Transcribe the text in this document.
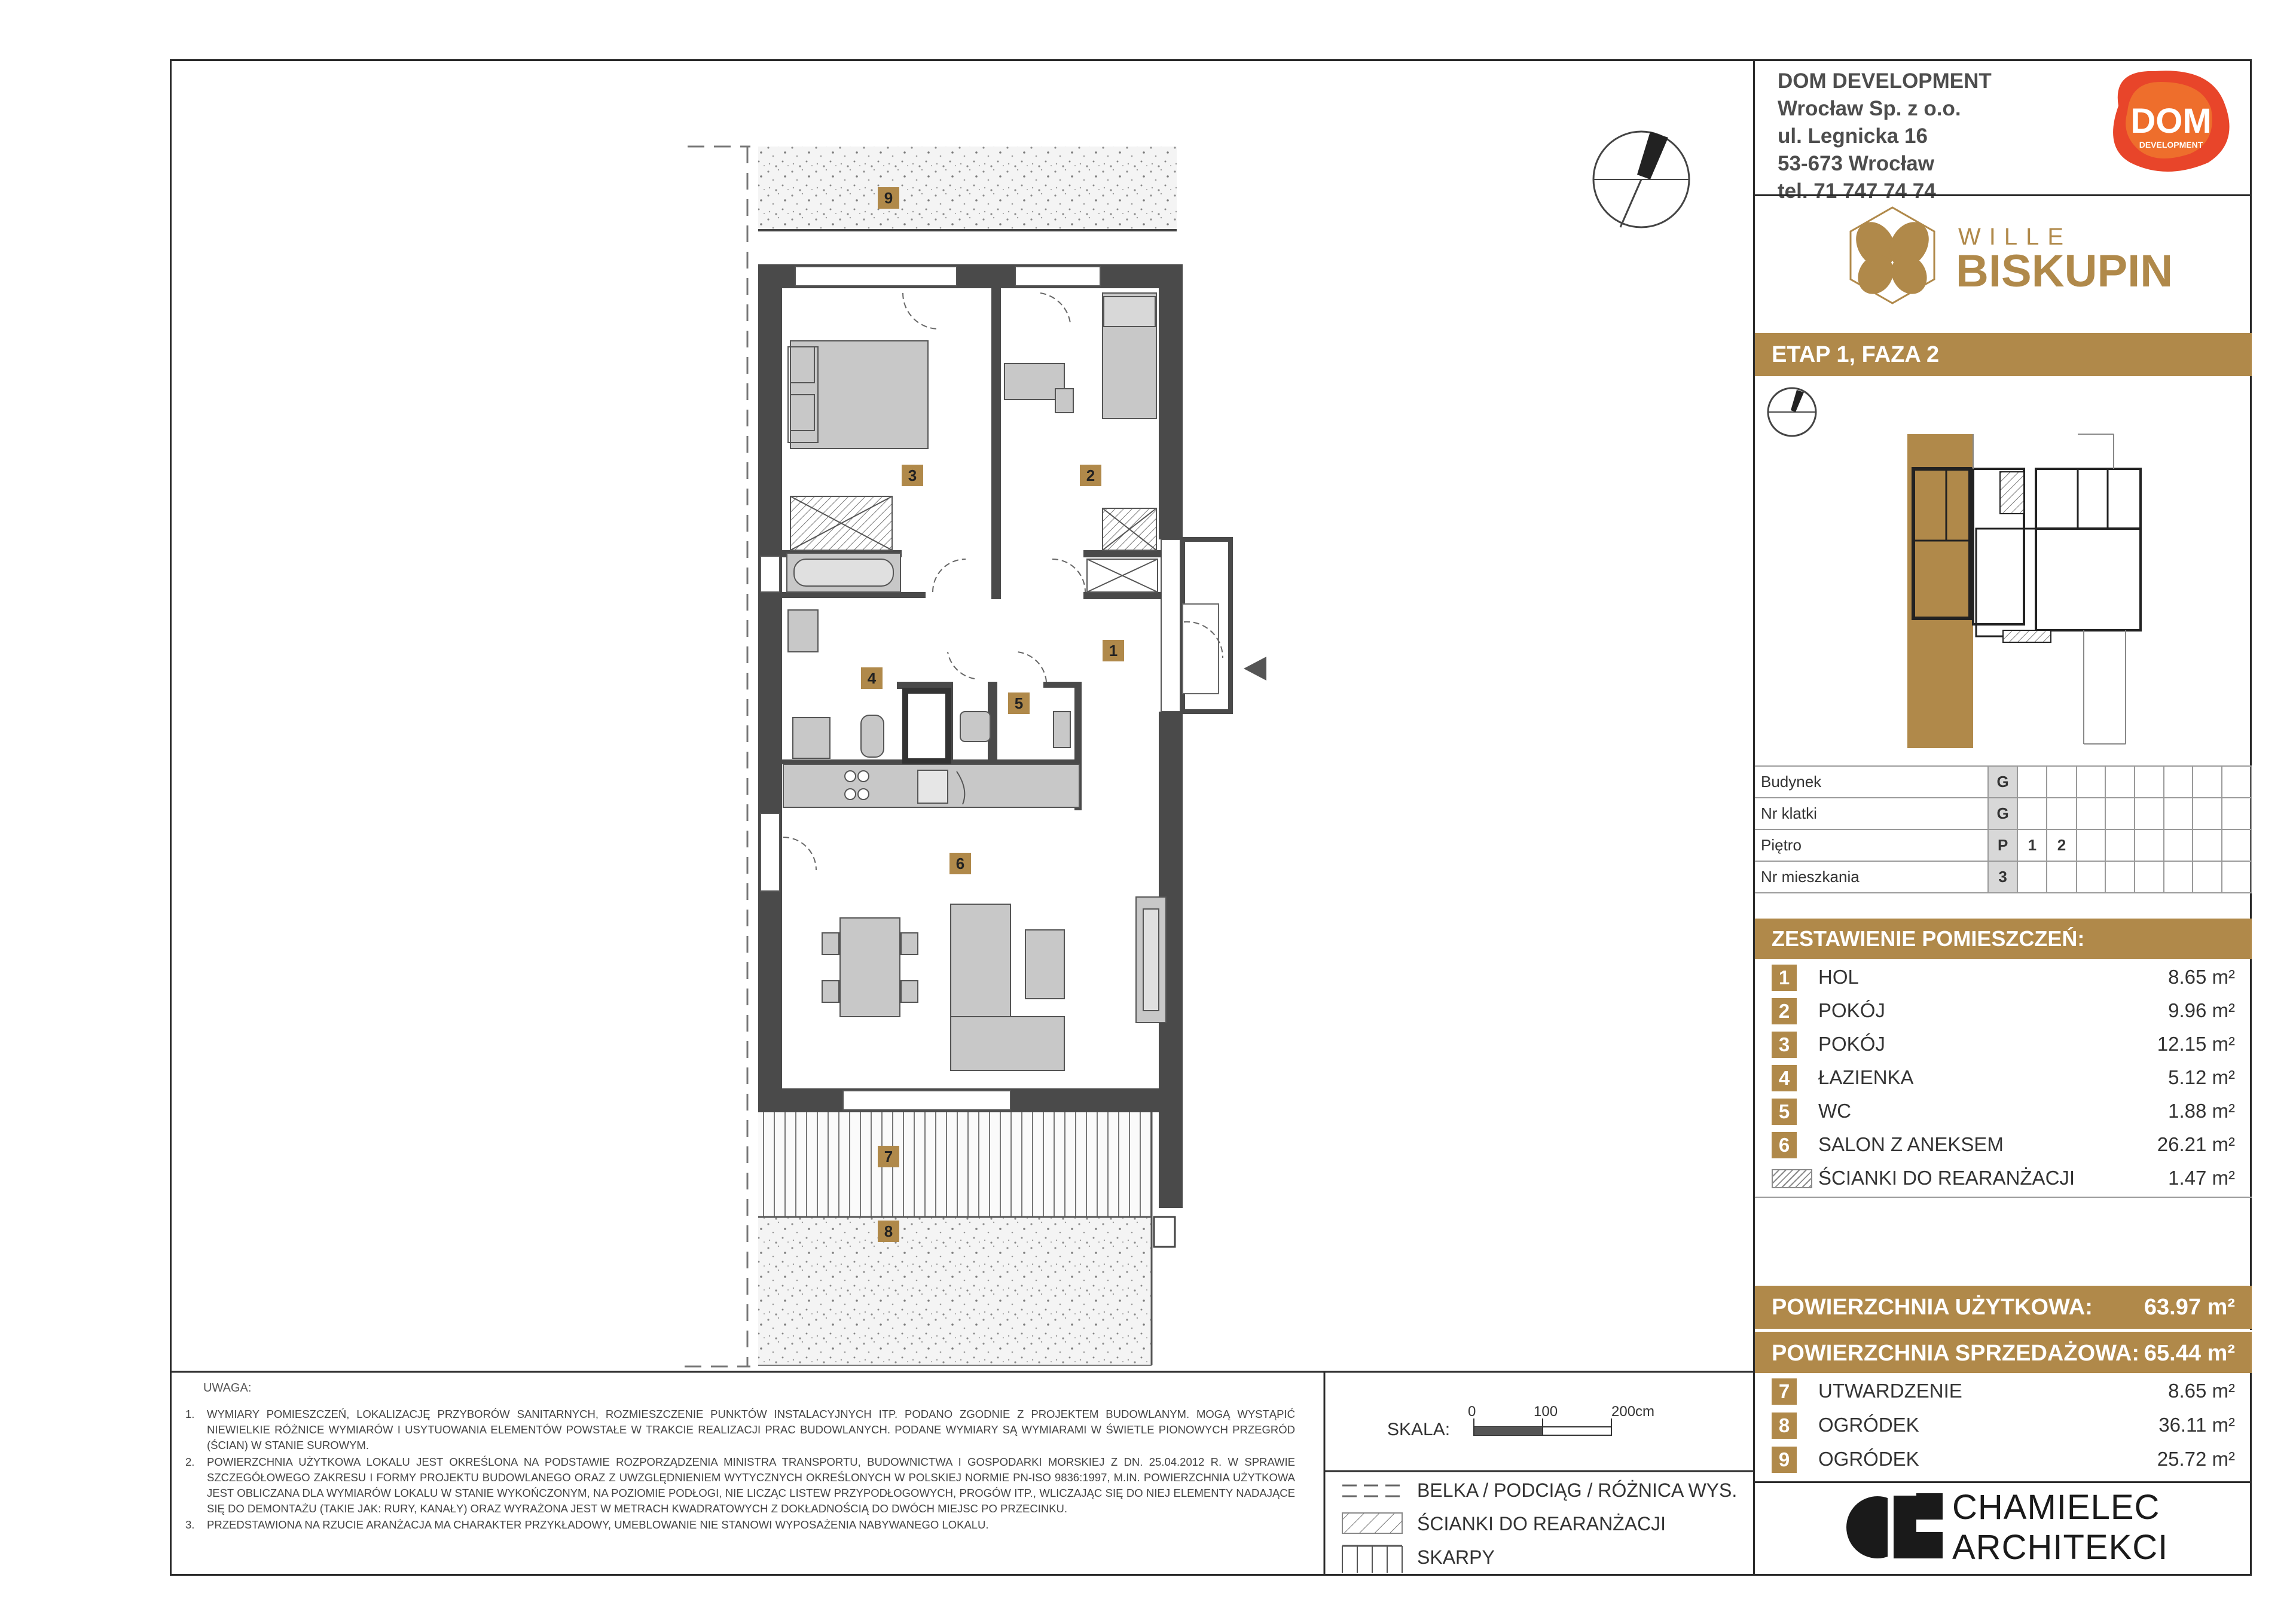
9
1
2
3
4
5
6
7
8
0	100	200cm
SKALA:
DOM DEVELOPMENT
Wrocław Sp. z o.o.
ul. Legnicka 16
53-673 Wrocław
tel. 71 747 74 74
DOM
DEVELOPMENT
WILLE
BISKUPIN
ETAP 1, FAZA 2
Budynek	G								
Nr klatki	G								
Piętro	P	1	2						
Nr mieszkania	3								
ZESTAWIENIE POMIESZCZEŃ:
1	HOL	8.65 m²
2	POKÓJ	9.96 m²
3	POKÓJ	12.15 m²
4	ŁAZIENKA	5.12 m²
5	WC	1.88 m²
6	SALON Z ANEKSEM	26.21 m²
ŚCIANKI DO REARANŻACJI	1.47 m²
POWIERZCHNIA UŻYTKOWA: 63.97 m²
POWIERZCHNIA SPRZEDAŻOWA: 65.44 m²
7	UTWARDZENIE	8.65 m²
8	OGRÓDEK	36.11 m²
9	OGRÓDEK	25.72 m²
CHAMIELEC
ARCHITEKCI
BELKA / PODCIĄG / RÓŻNICA WYS.
ŚCIANKI DO REARANŻACJI
SKARPY
UWAGA:
1. WYMIARY POMIESZCZEŃ, LOKALIZACJĘ PRZYBORÓW SANITARNYCH, ROZMIESZCZENIE PUNKTÓW INSTALACYJNYCH ITP. PODANO ZGODNIE Z PROJEKTEM BUDOWLANYM. MOGĄ WYSTĄPIĆ NIEWIELKIE RÓŻNICE WYMIARÓW I USYTUOWANIA ELEMENTÓW POWSTAŁE W TRAKCIE REALIZACJI PRAC BUDOWLANYCH. PODANE WYMIARY SĄ WYMIARAMI W ŚWIETLE PIONOWYCH PRZEGRÓD (ŚCIAN) W STANIE SUROWYM.
2. POWIERZCHNIA UŻYTKOWA LOKALU JEST OKREŚLONA NA PODSTAWIE ROZPORZĄDZENIA MINISTRA TRANSPORTU, BUDOWNICTWA I GOSPODARKI MORSKIEJ Z DN. 25.04.2012 R. W SPRAWIE SZCZEGÓŁOWEGO ZAKRESU I FORMY PROJEKTU BUDOWLANEGO ORAZ Z UWZGLĘDNIENIEM WYTYCZNYCH OKREŚLONYCH W POLSKIEJ NORMIE PN-ISO 9836:1997, M.IN. POWIERZCHNIA UŻYTKOWA JEST OBLICZANA DLA WYMIARÓW LOKALU W STANIE WYKOŃCZONYM, NA POZIOMIE PODŁOGI, NIE LICZĄC LISTEW PRZYPODŁOGOWYCH, PROGÓW ITP., WLICZAJĄC SIĘ DO NIEJ ELEMENTY NADAJĄCE SIĘ DO DEMONTAŻU (TAKIE JAK: RURY, KANAŁY) ORAZ WYRAŻONA JEST W METRACH KWADRATOWYCH Z DOKŁADNOŚCIĄ DO DWÓCH MIEJSC PO PRZECINKU.
3. PRZEDSTAWIONA NA RZUCIE ARANŻACJA MA CHARAKTER PRZYKŁADOWY, UMEBLOWANIE NIE STANOWI WYPOSAŻENIA NABYWANEGO LOKALU.
